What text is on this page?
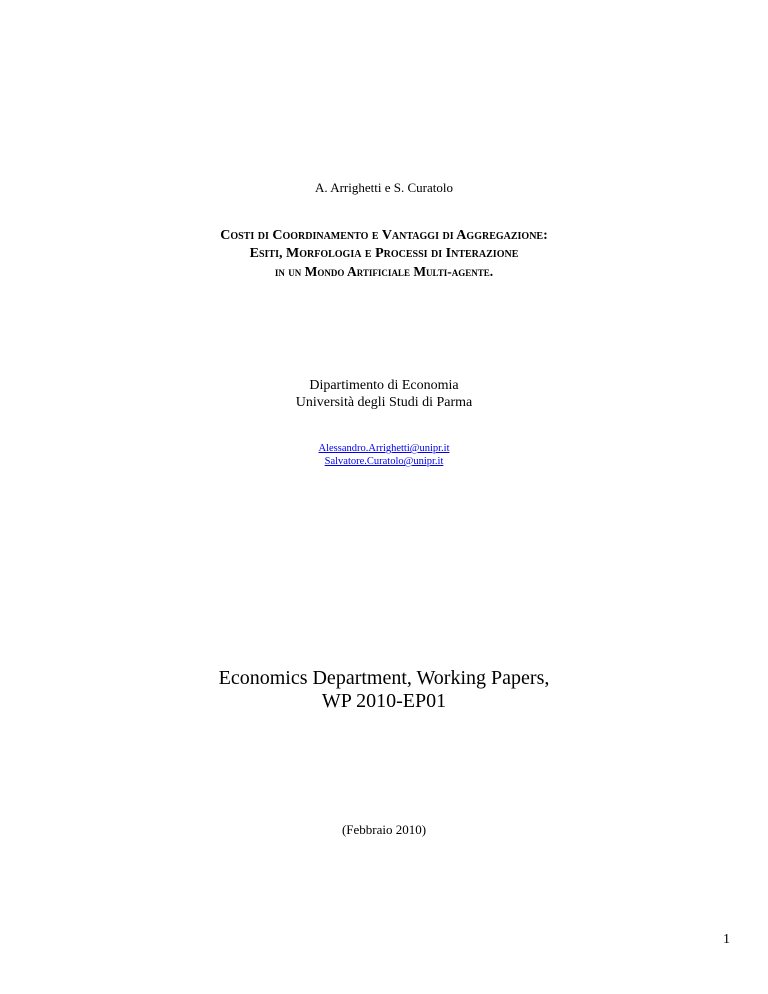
A. Arrighetti e S. Curatolo
Costi di Coordinamento e Vantaggi di Aggregazione:
Esiti, Morfologia e Processi di Interazione
in un Mondo Artificiale Multi-agente.
Dipartimento di Economia
Università degli Studi di Parma
Alessandro.Arrighetti@unipr.it
Salvatore.Curatolo@unipr.it
Economics Department, Working Papers,
WP 2010-EP01
(Febbraio 2010)
1
